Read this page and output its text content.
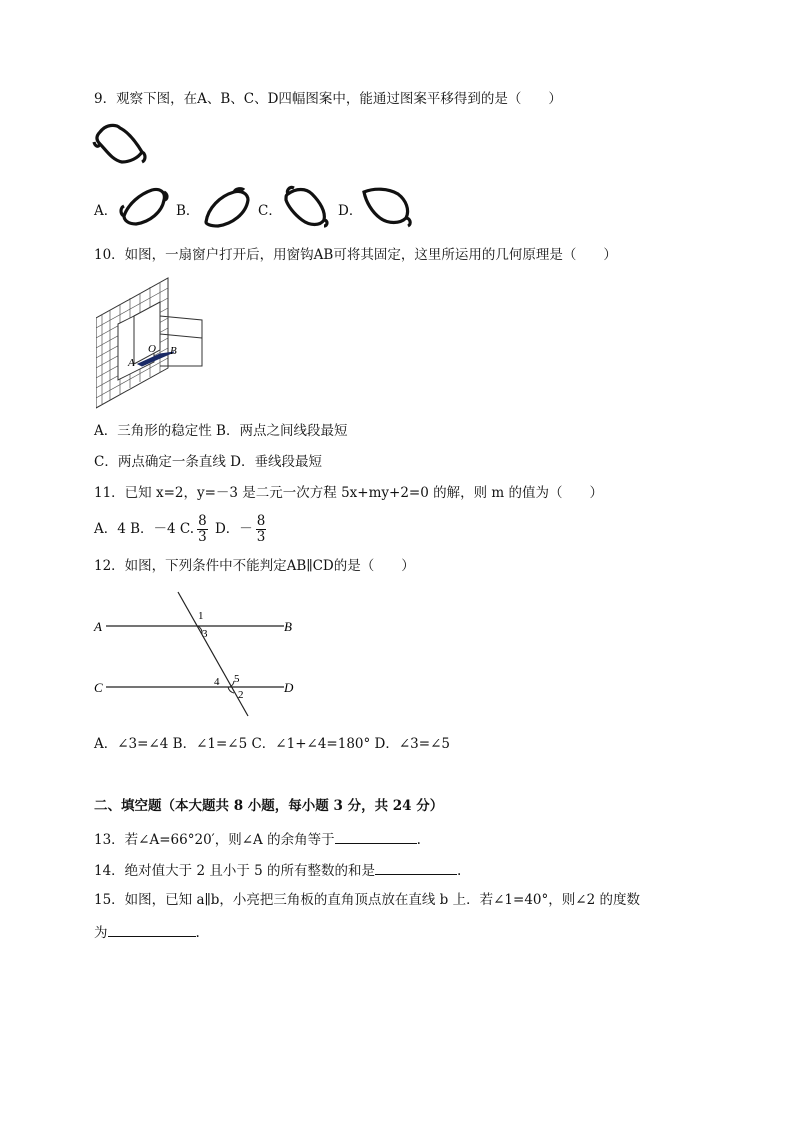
9．观察下图，在A、B、C、D四幅图案中，能通过图案平移得到的是（　　）
A．	B．	C．	D．
10．如图，一扇窗户打开后，用窗钩AB可将其固定，这里所运用的几何原理是（　　）
A
O B
A．三角形的稳定性 B．两点之间线段最短
C．两点确定一条直线 D．垂线段最短
11．已知 x=2，y=－3 是二元一次方程 5x+my+2=0 的解，则 m 的值为（　　）
A．4 B．－4 C. $\frac{8}{3}$ D．－ $\frac{8}{3}$
12．如图，下列条件中不能判定AB∥CD的是（　　）
A	B
C	D
1
3
4 5
2
A．∠3=∠4 B．∠1=∠5 C．∠1+∠4=180° D．∠3=∠5
二、填空题（本大题共 8 小题，每小题 3 分，共 24 分）
13．若∠A=66°20′，则∠A 的余角等于	.
14．绝对值大于 2 且小于 5 的所有整数的和是	.
15．如图，已知 a∥b，小亮把三角板的直角顶点放在直线 b 上．若∠1=40°，则∠2 的度数
为	.
